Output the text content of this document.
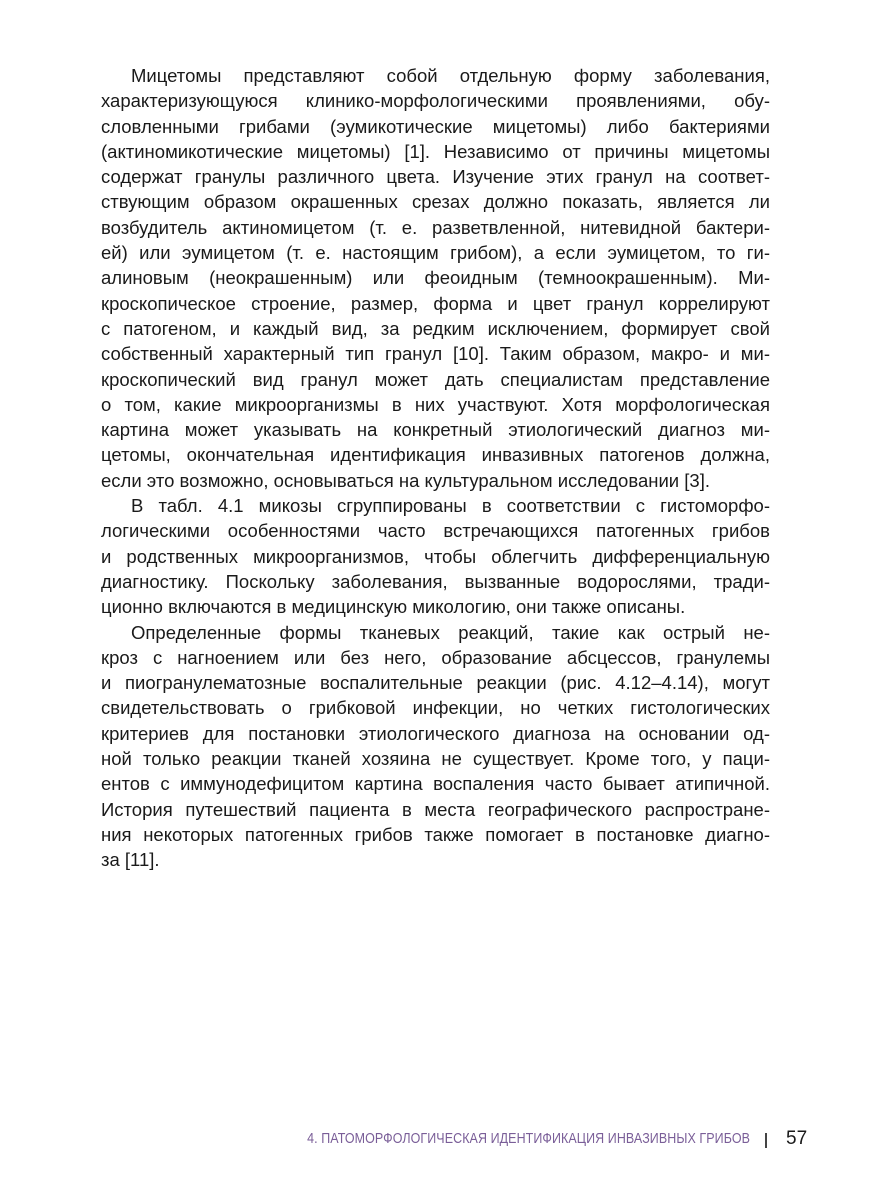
Мицетомы представляют собой отдельную форму заболевания,
характеризующуюся клинико-морфологическими проявлениями, обу-
словленными грибами (эумикотические мицетомы) либо бактериями
(актиномикотические мицетомы) [1]. Независимо от причины мицетомы
содержат гранулы различного цвета. Изучение этих гранул на соответ-
ствующим образом окрашенных срезах должно показать, является ли
возбудитель актиномицетом (т. е. разветвленной, нитевидной бактери-
ей) или эумицетом (т. е. настоящим грибом), а если эумицетом, то ги-
алиновым (неокрашенным) или феоидным (темноокрашенным). Ми-
кроскопическое строение, размер, форма и цвет гранул коррелируют
с патогеном, и каждый вид, за редким исключением, формирует свой
собственный характерный тип гранул [10]. Таким образом, макро- и ми-
кроскопический вид гранул может дать специалистам представление
о том, какие микроорганизмы в них участвуют. Хотя морфологическая
картина может указывать на конкретный этиологический диагноз ми-
цетомы, окончательная идентификация инвазивных патогенов должна,
если это возможно, основываться на культуральном исследовании [3].
В табл. 4.1 микозы сгруппированы в соответствии с гистоморфо-
логическими особенностями часто встречающихся патогенных грибов
и родственных микроорганизмов, чтобы облегчить дифференциальную
диагностику. Поскольку заболевания, вызванные водорослями, тради-
ционно включаются в медицинскую микологию, они также описаны.
Определенные формы тканевых реакций, такие как острый не-
кроз с нагноением или без него, образование абсцессов, гранулемы
и пиогранулематозные воспалительные реакции (рис. 4.12–4.14), могут
свидетельствовать о грибковой инфекции, но четких гистологических
критериев для постановки этиологического диагноза на основании од-
ной только реакции тканей хозяина не существует. Кроме того, у паци-
ентов с иммунодефицитом картина воспаления часто бывает атипичной.
История путешествий пациента в места географического распростране-
ния некоторых патогенных грибов также помогает в постановке диагно-
за [11].
4. ПАТОМОРФОЛОГИЧЕСКАЯ ИДЕНТИФИКАЦИЯ ИНВАЗИВНЫХ ГРИБОВ 57
